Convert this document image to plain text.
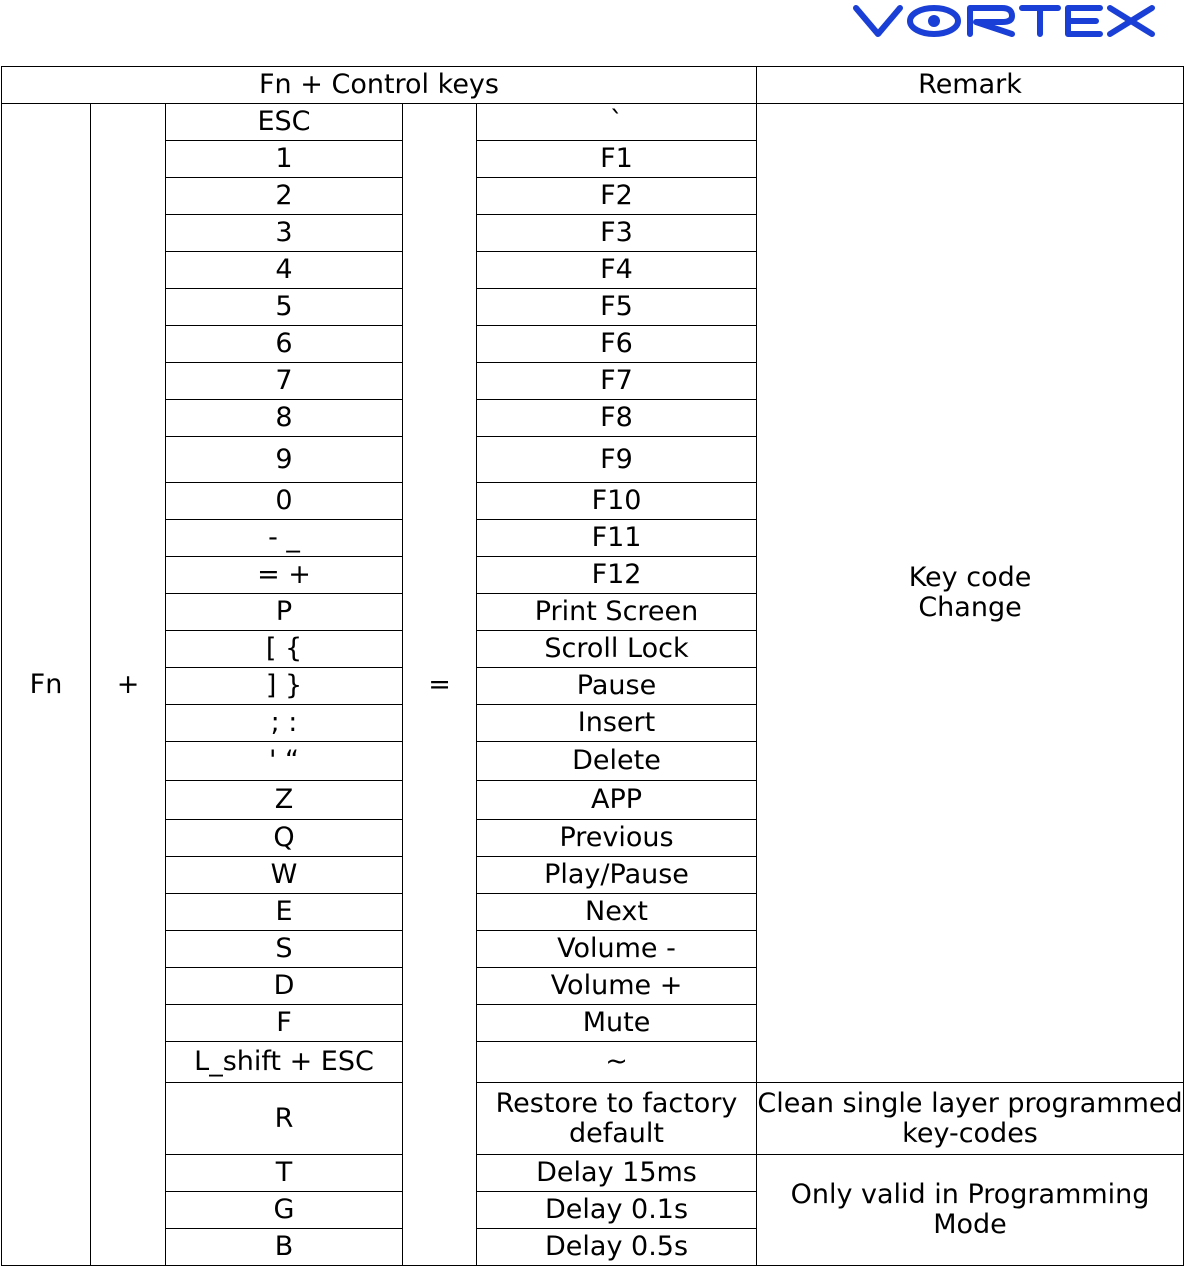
Fn + Control keys					Remark
Fn	+	ESC	=	`	Key code Change
		1		F1	
		2		F2	
		3		F3	
		4		F4	
		5		F5	
		6		F6	
		7		F7	
		8		F8	
		9		F9	
		0		F10	
		- _		F11	
		= +		F12	
		P		Print Screen	
		[ {		Scroll Lock	
		] }		Pause	
		; :		Insert	
		' “		Delete	
		Z		APP	
		Q		Previous	
		W		Play/Pause	
		E		Next	
		S		Volume -	
		D		Volume +	
		F		Mute	
		L_shift + ESC		~	
		R		Restore to factory default	Clean single layer programmed key-codes
		T		Delay 15ms	Only valid in Programming Mode
		G		Delay 0.1s	
		B		Delay 0.5s	
